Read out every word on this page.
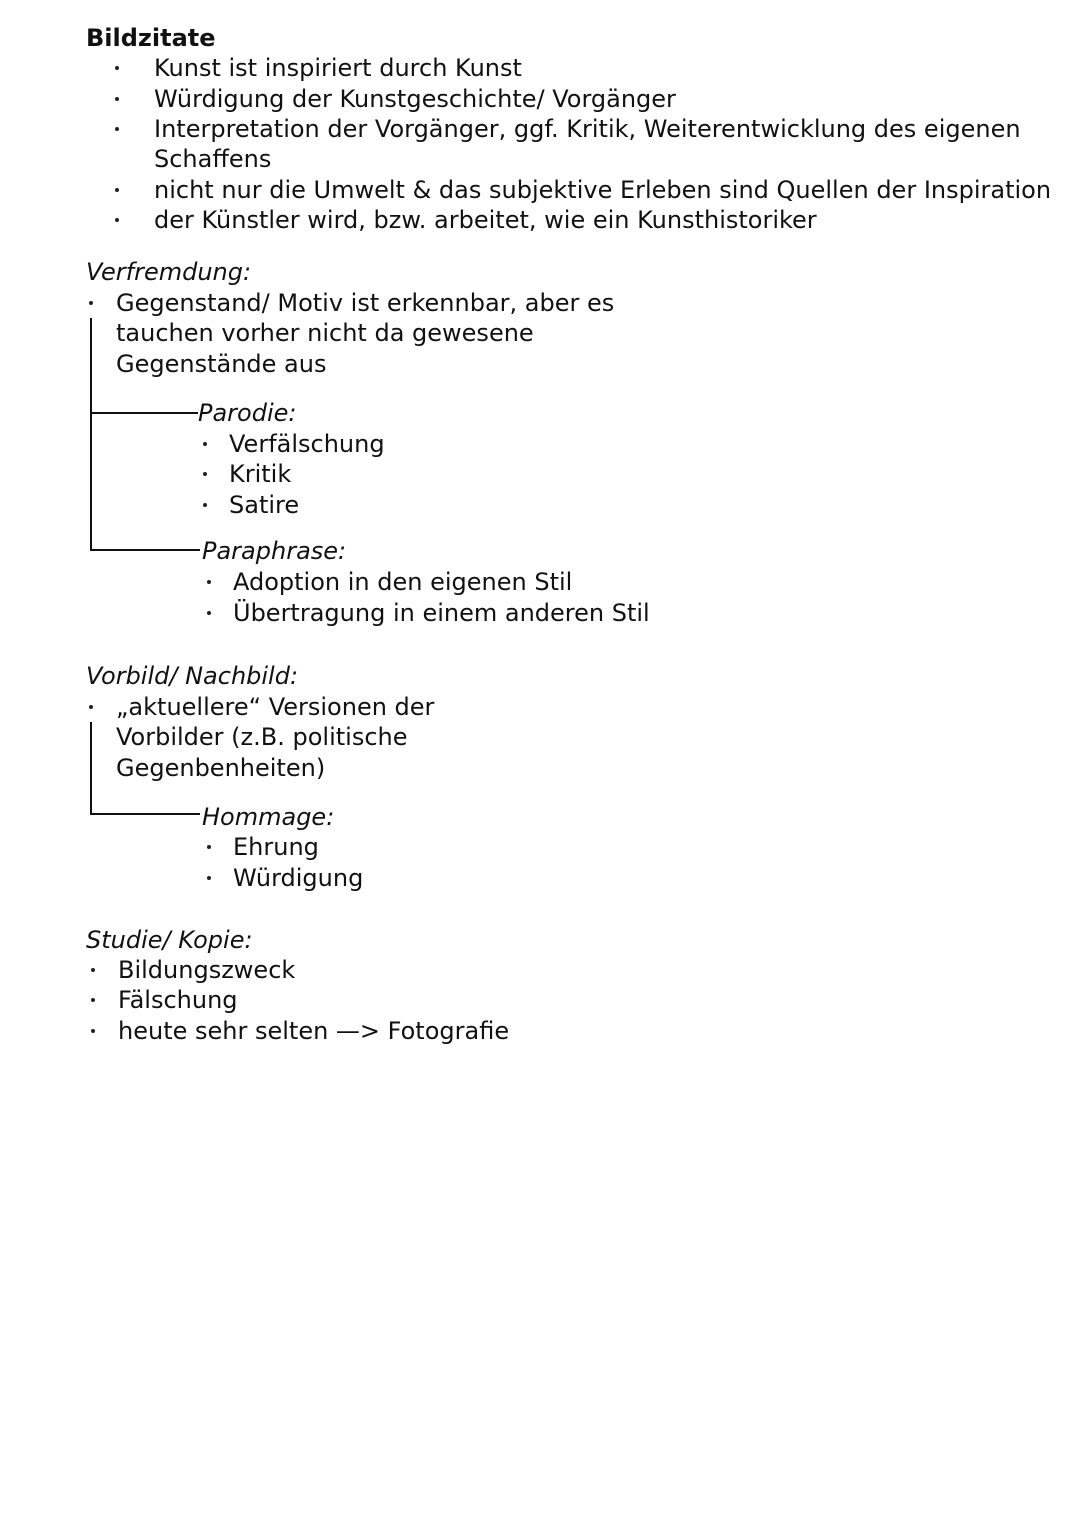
Bildzitate
Kunst ist inspiriert durch Kunst
Würdigung der Kunstgeschichte/ Vorgänger
Interpretation der Vorgänger, ggf. Kritik, Weiterentwicklung des eigenen
Schaffens
nicht nur die Umwelt & das subjektive Erleben sind Quellen der Inspiration
der Künstler wird, bzw. arbeitet, wie ein Kunsthistoriker
Verfremdung:
Gegenstand/ Motiv ist erkennbar, aber es
tauchen vorher nicht da gewesene
Gegenstände aus
Parodie:
Verfälschung
Kritik
Satire
Paraphrase:
Adoption in den eigenen Stil
Übertragung in einem anderen Stil
Vorbild/ Nachbild:
„aktuellere“ Versionen der
Vorbilder (z.B. politische
Gegenbenheiten)
Hommage:
Ehrung
Würdigung
Studie/ Kopie:
Bildungszweck
Fälschung
heute sehr selten —> Fotografie
